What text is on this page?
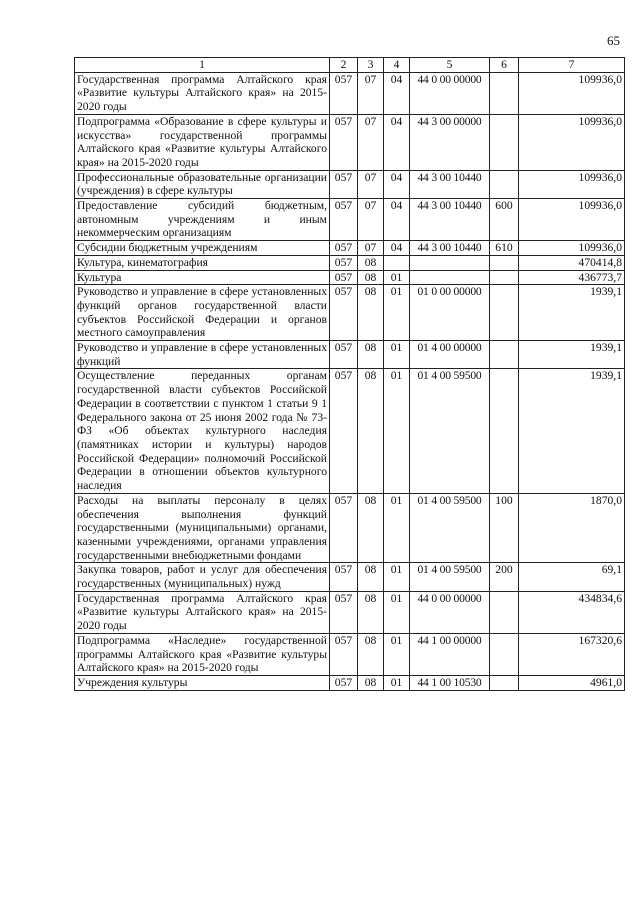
65
1	2	3	4	5	6	7
Государственная программа Алтайского края «Развитие культуры Алтайского края» на 2015-2020 годы	057	07	04	44 0 00 00000		109936,0
Подпрограмма «Образование в сфере культуры и искусства» государственной программы Алтайского края «Развитие культуры Алтайского края» на 2015-2020 годы	057	07	04	44 3 00 00000		109936,0
Профессиональные образовательные организации (учреждения) в сфере культуры	057	07	04	44 3 00 10440		109936,0
Предоставление субсидий бюджетным, автономным учреждениям и иным некоммерческим организациям	057	07	04	44 3 00 10440	600	109936,0
Субсидии бюджетным учреждениям	057	07	04	44 3 00 10440	610	109936,0
Культура, кинематография	057	08				470414,8
Культура	057	08	01			436773,7
Руководство и управление в сфере установленных функций органов государственной власти субъектов Российской Федерации и органов местного самоуправления	057	08	01	01 0 00 00000		1939,1
Руководство и управление в сфере установленных функций	057	08	01	01 4 00 00000		1939,1
Осуществление переданных органам государственной власти субъектов Российской Федерации в соответствии с пунктом 1 статьи 9 1 Федерального закона от 25 июня 2002 года № 73-ФЗ «Об объектах культурного наследия (памятниках истории и культуры) народов Российской Федерации» полномочий Российской Федерации в отношении объектов культурного наследия	057	08	01	01 4 00 59500		1939,1
Расходы на выплаты персоналу в целях обеспечения выполнения функций государственными (муниципальными) органами, казенными учреждениями, органами управления государственными внебюджетными фондами	057	08	01	01 4 00 59500	100	1870,0
Закупка товаров, работ и услуг для обеспечения государственных (муниципальных) нужд	057	08	01	01 4 00 59500	200	69,1
Государственная программа Алтайского края «Развитие культуры Алтайского края» на 2015-2020 годы	057	08	01	44 0 00 00000		434834,6
Подпрограмма «Наследие» государственной программы Алтайского края «Развитие культуры Алтайского края» на 2015-2020 годы	057	08	01	44 1 00 00000		167320,6
Учреждения культуры	057	08	01	44 1 00 10530		4961,0
